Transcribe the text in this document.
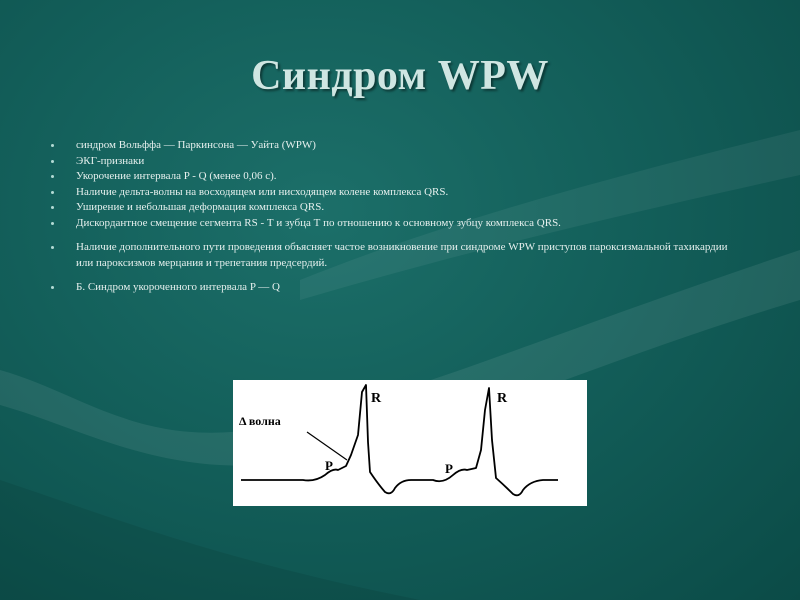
Синдром WPW
синдром Вольффа — Паркинсона — Уайта (WPW)
ЭКГ-признаки
Укорочение интервала P - Q (менее 0,06 с).
Наличие дельта-волны на восходящем или нисходящем колене комплекса QRS.
Уширение и небольшая деформация комплекса QRS.
Дискордантное смещение сегмента RS - Т и зубца Т по отношению к основному зубцу комплекса QRS.
Наличие дополнительного пути проведения объясняет частое возникновение при синдроме WPW приступов пароксизмальной тахикардии или пароксизмов мерцания и трепетания предсердий.
Б. Синдром укороченного интервала P — Q
Δ волна
R	R
P	P
